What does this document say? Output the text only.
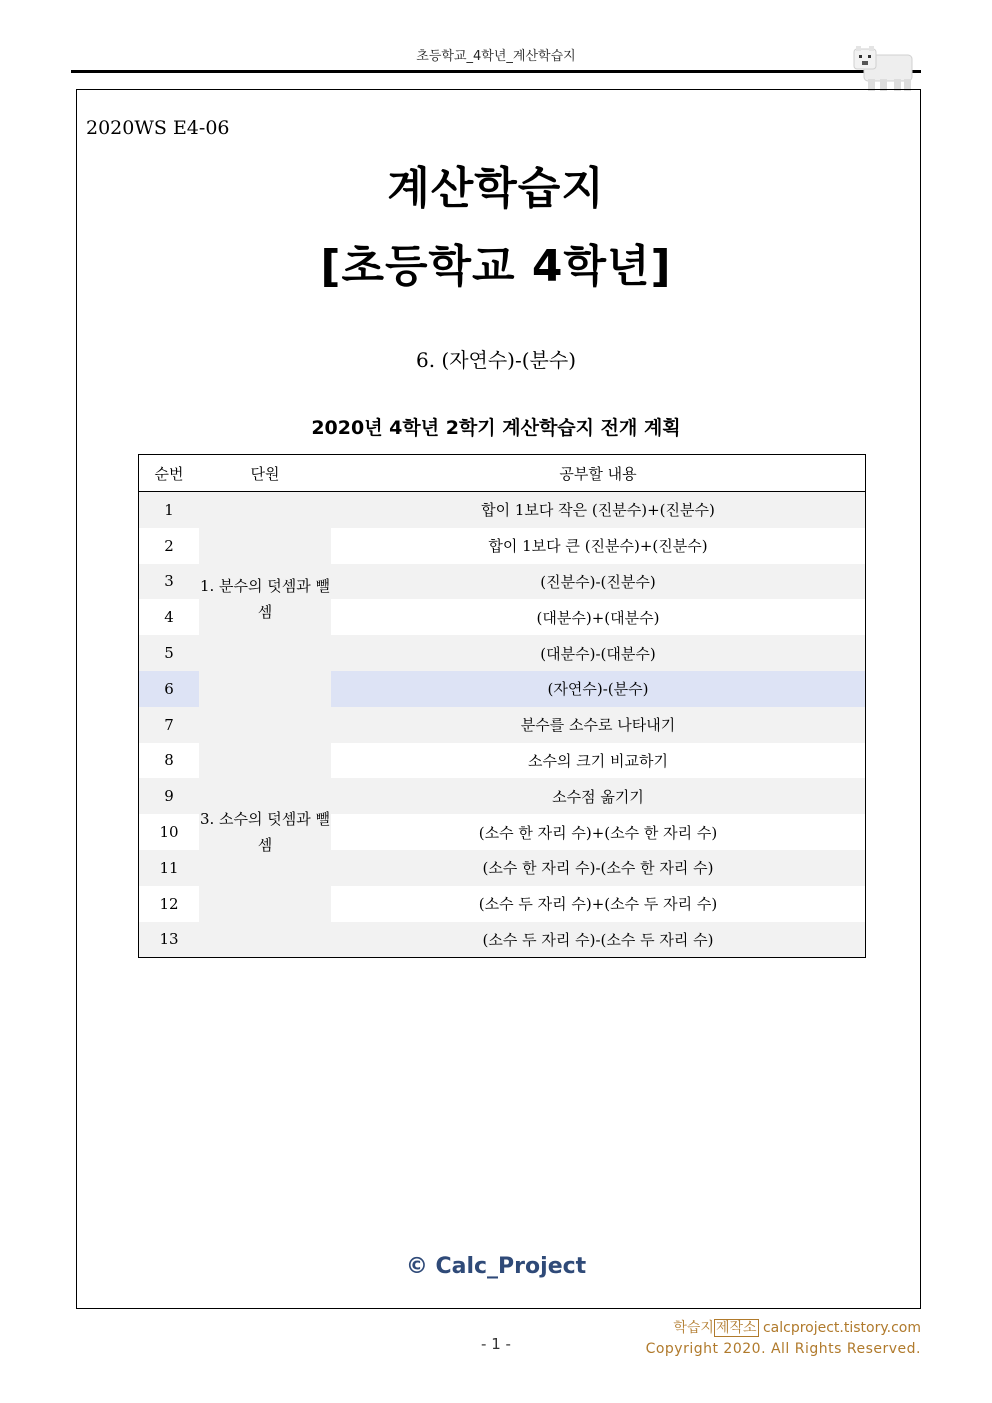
초등학교_4학년_계산학습지
2020WS E4-06
계산학습지
[초등학교 4학년]
6. (자연수)-(분수)
2020년 4학년 2학기 계산학습지 전개 계획
순번	단원	공부할 내용
1	1. 분수의 덧셈과 뺄셈	합이 1보다 작은 (진분수)+(진분수)
2		합이 1보다 큰 (진분수)+(진분수)
3		(진분수)-(진분수)
4		(대분수)+(대분수)
5		(대분수)-(대분수)
6		(자연수)-(분수)
7	3. 소수의 덧셈과 뺄셈	분수를 소수로 나타내기
8		소수의 크기 비교하기
9		소수점 옮기기
10		(소수 한 자리 수)+(소수 한 자리 수)
11		(소수 한 자리 수)-(소수 한 자리 수)
12		(소수 두 자리 수)+(소수 두 자리 수)
13		(소수 두 자리 수)-(소수 두 자리 수)
© Calc_Project
학습지 제작소 calcproject.tistory.com
Copyright 2020. All Rights Reserved.
- 1 -
